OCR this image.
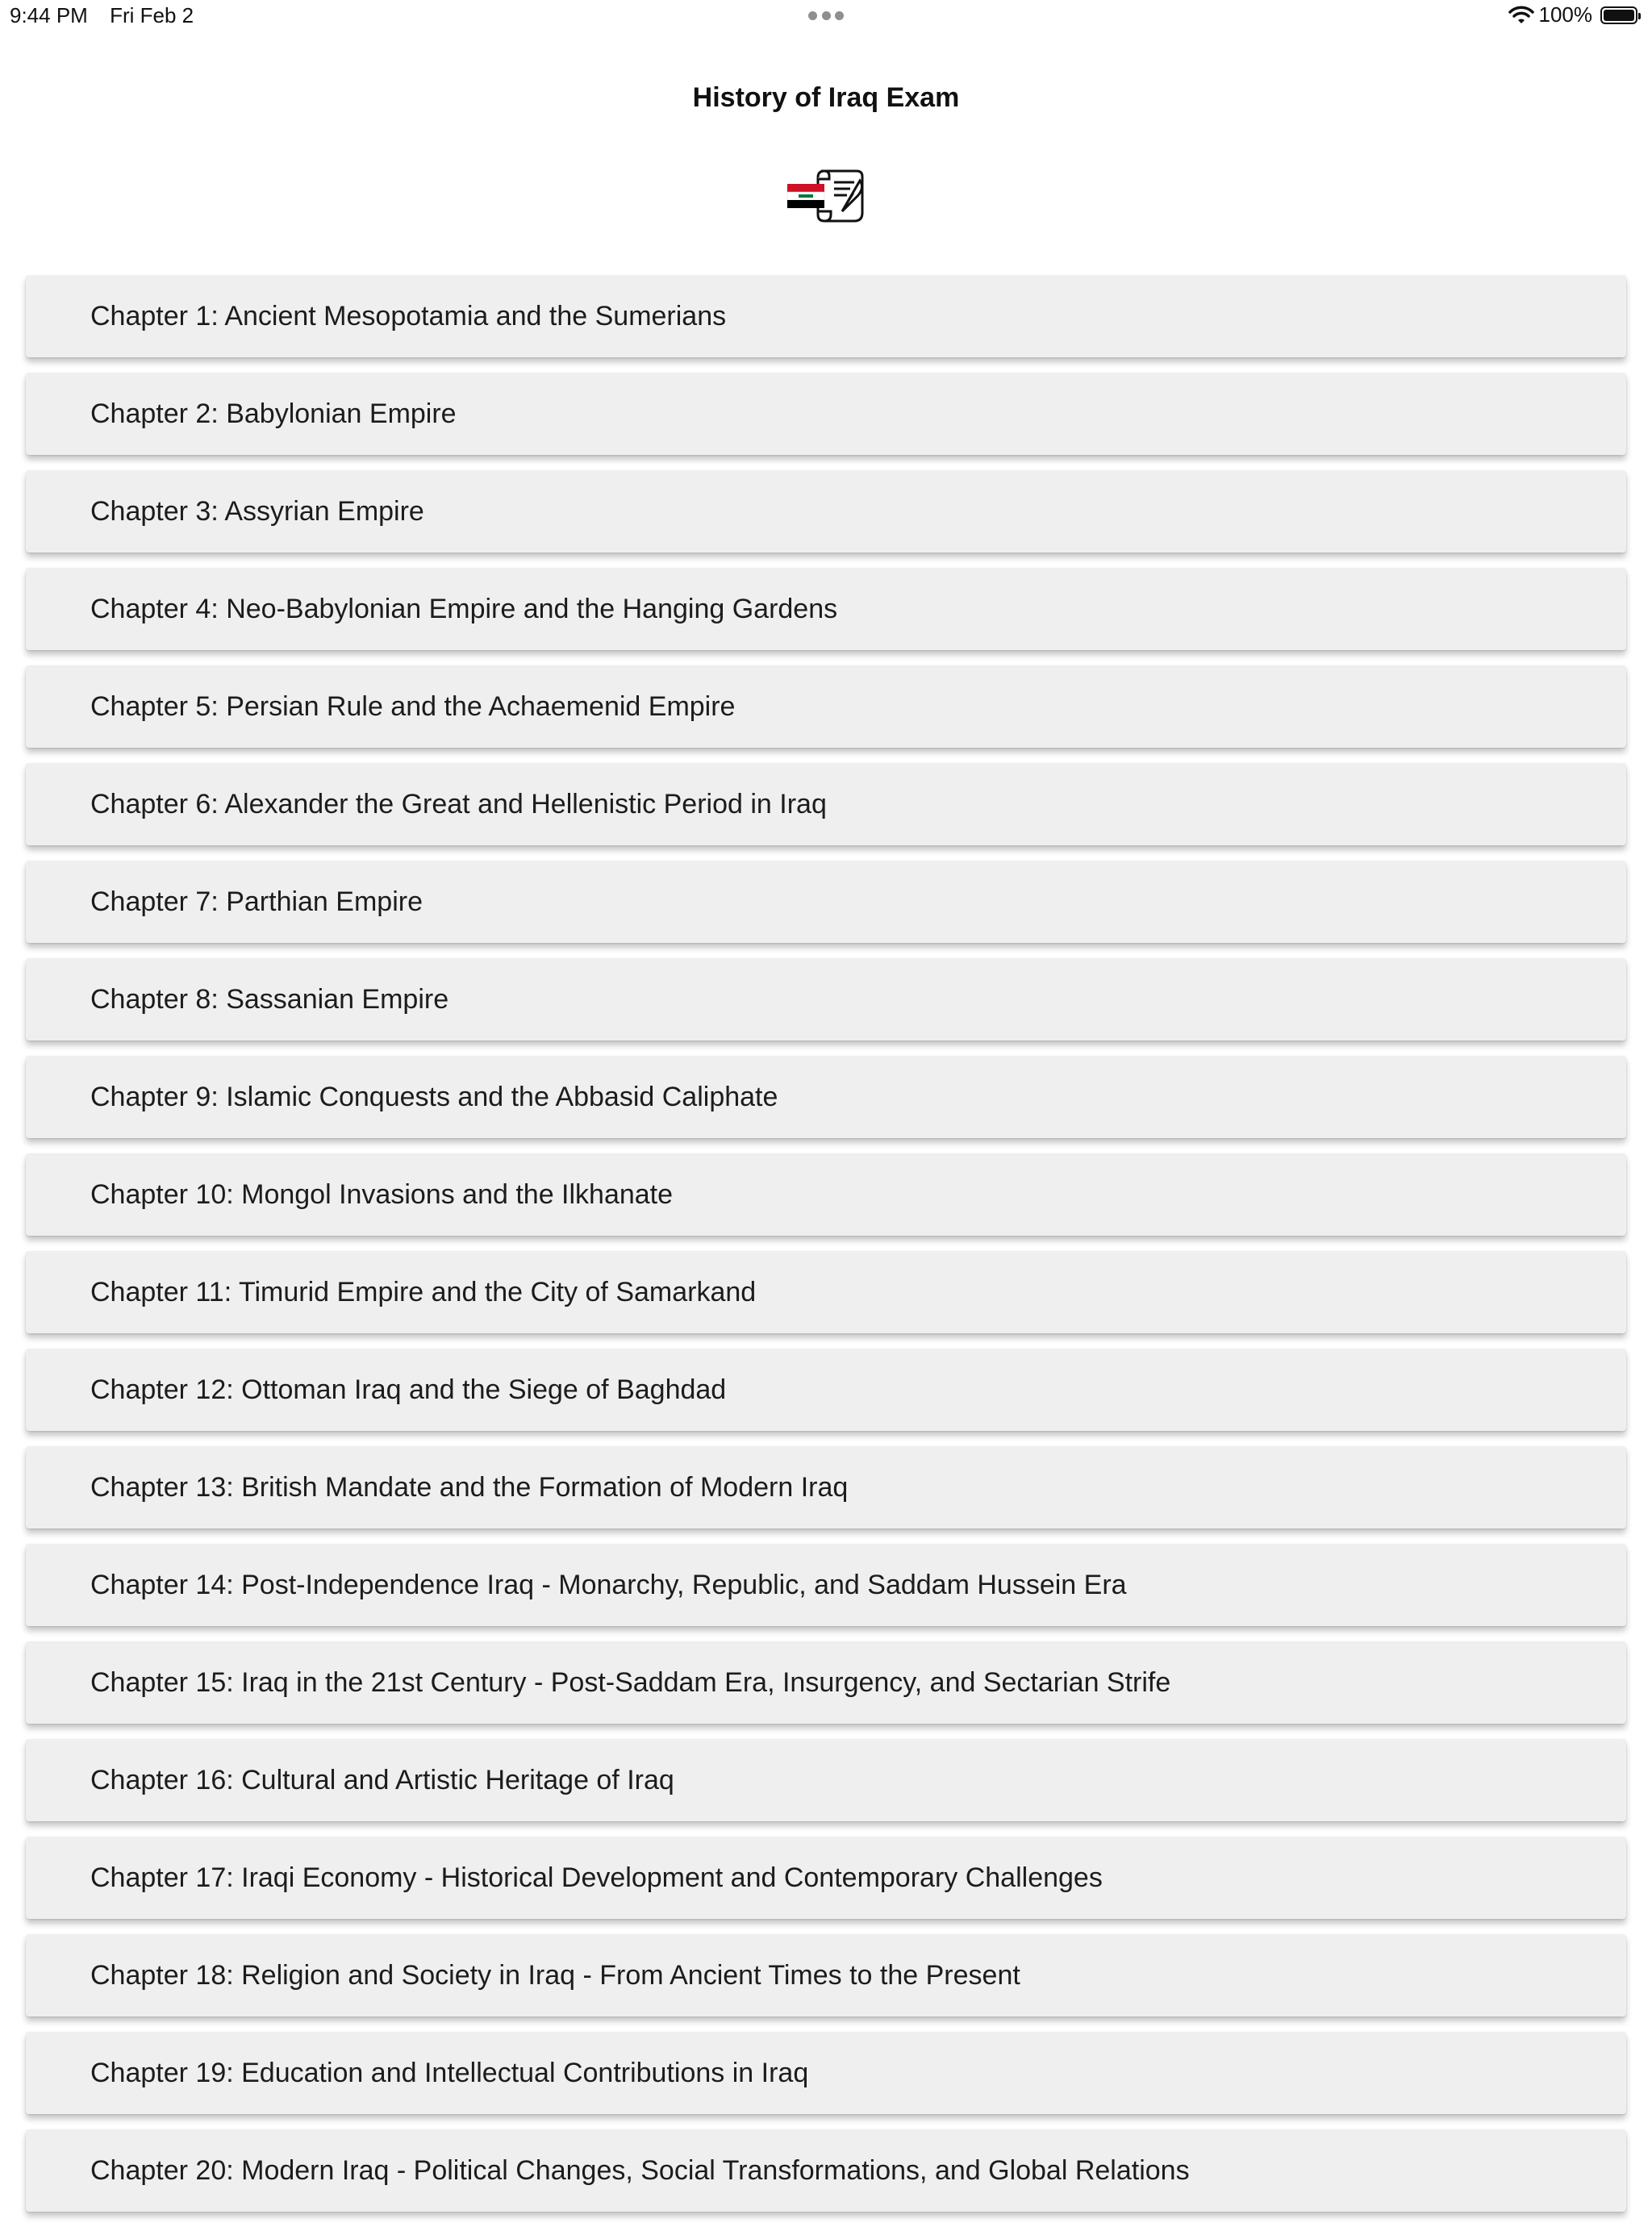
9:44 PM Fri Feb 2	100%
History of Iraq Exam
Chapter 1: Ancient Mesopotamia and the Sumerians
Chapter 2: Babylonian Empire
Chapter 3: Assyrian Empire
Chapter 4: Neo-Babylonian Empire and the Hanging Gardens
Chapter 5: Persian Rule and the Achaemenid Empire
Chapter 6: Alexander the Great and Hellenistic Period in Iraq
Chapter 7: Parthian Empire
Chapter 8: Sassanian Empire
Chapter 9: Islamic Conquests and the Abbasid Caliphate
Chapter 10: Mongol Invasions and the Ilkhanate
Chapter 11: Timurid Empire and the City of Samarkand
Chapter 12: Ottoman Iraq and the Siege of Baghdad
Chapter 13: British Mandate and the Formation of Modern Iraq
Chapter 14: Post-Independence Iraq - Monarchy, Republic, and Saddam Hussein Era
Chapter 15: Iraq in the 21st Century - Post-Saddam Era, Insurgency, and Sectarian Strife
Chapter 16: Cultural and Artistic Heritage of Iraq
Chapter 17: Iraqi Economy - Historical Development and Contemporary Challenges
Chapter 18: Religion and Society in Iraq - From Ancient Times to the Present
Chapter 19: Education and Intellectual Contributions in Iraq
Chapter 20: Modern Iraq - Political Changes, Social Transformations, and Global Relations
